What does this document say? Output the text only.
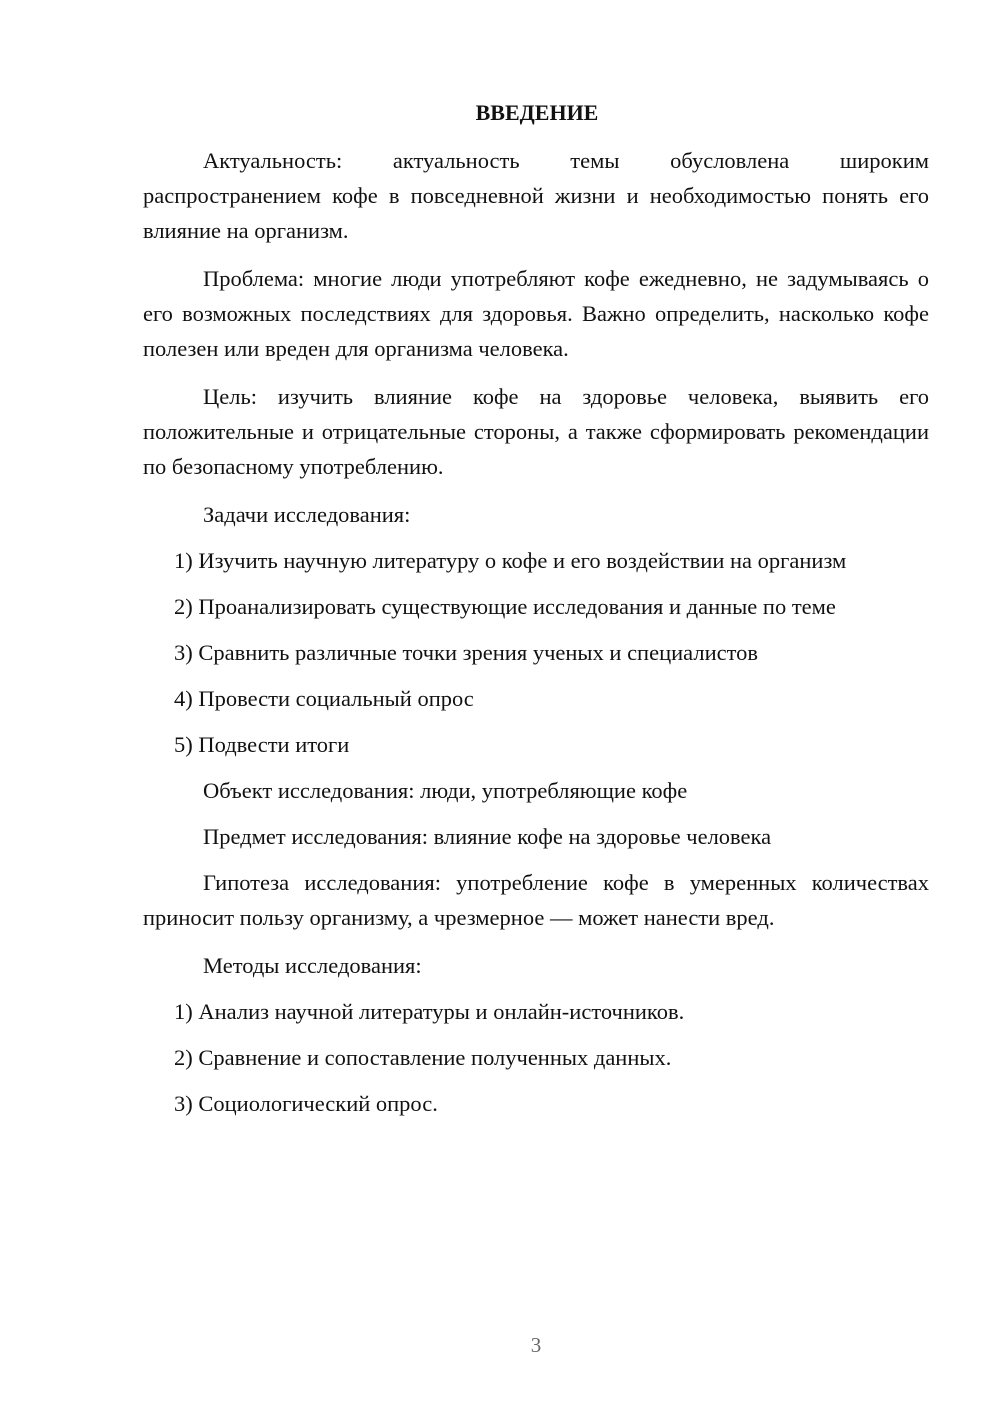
ВВЕДЕНИЕ

Актуальность: актуальность темы обусловлена широким распространением кофе в повседневной жизни и необходимостью понять его влияние на организм.

Проблема: многие люди употребляют кофе ежедневно, не задумываясь о его возможных последствиях для здоровья. Важно определить, насколько кофе полезен или вреден для организма человека.

Цель: изучить влияние кофе на здоровье человека, выявить его положительные и отрицательные стороны, а также сформировать рекомендации по безопасному употреблению.

Задачи исследования:

1) Изучить научную литературу о кофе и его воздействии на организм

2) Проанализировать существующие исследования и данные по теме

3) Сравнить различные точки зрения ученых и специалистов

4) Провести социальный опрос

5) Подвести итоги

Объект исследования: люди, употребляющие кофе

Предмет исследования: влияние кофе на здоровье человека

Гипотеза исследования: употребление кофе в умеренных количествах приносит пользу организму, а чрезмерное — может нанести вред.

Методы исследования:

1) Анализ научной литературы и онлайн-источников.

2) Сравнение и сопоставление полученных данных.

3) Социологический опрос.

3
